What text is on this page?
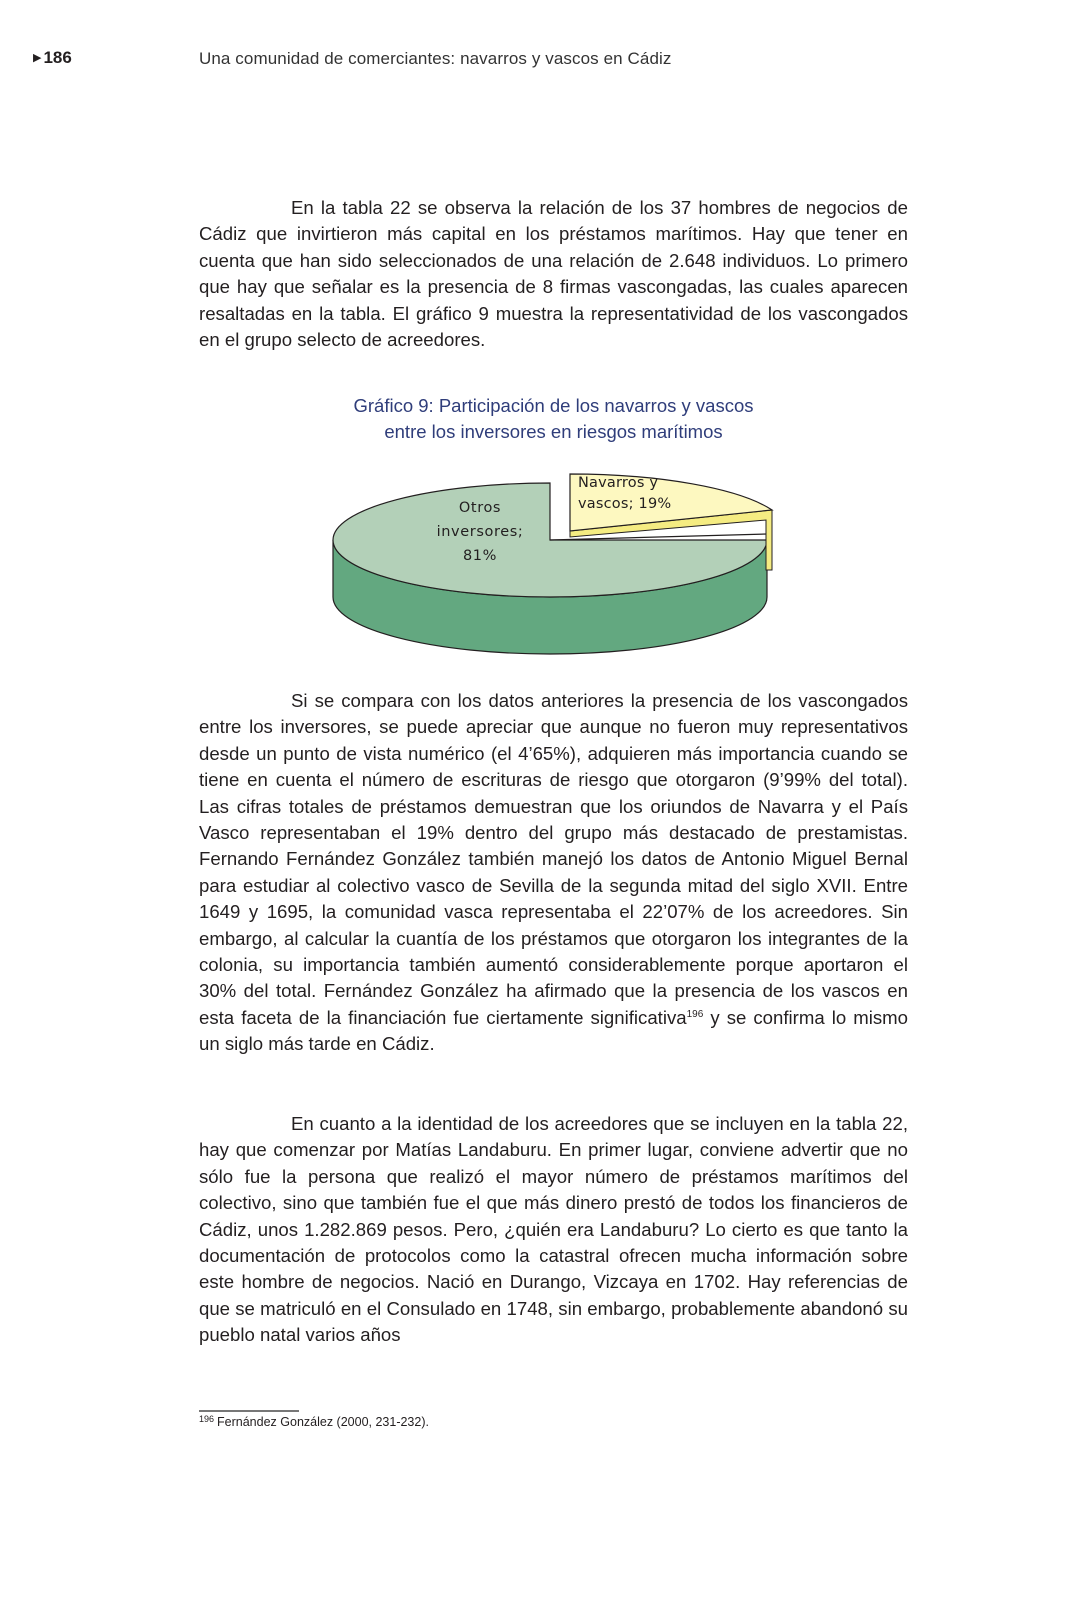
▶ 186	Una comunidad de comerciantes: navarros y vascos en Cádiz

En la tabla 22 se observa la relación de los 37 hombres de negocios de Cádiz que invirtieron más capital en los préstamos marítimos. Hay que tener en cuenta que han sido seleccionados de una relación de 2.648 individuos. Lo primero que hay que señalar es la presencia de 8 firmas vascongadas, las cuales aparecen resaltadas en la tabla. El gráfico 9 muestra la representatividad de los vascongados en el grupo selecto de acreedores.

Gráfico 9: Participación de los navarros y vascos
entre los inversores en riesgos marítimos
Otros
inversores;
81%
Navarros y
vascos; 19%

Si se compara con los datos anteriores la presencia de los vascongados entre los inversores, se puede apreciar que aunque no fueron muy representativos desde un punto de vista numérico (el 4’65%), adquieren más importancia cuando se tiene en cuenta el número de escrituras de riesgo que otorgaron (9’99% del total). Las cifras totales de préstamos demuestran que los oriundos de Navarra y el País Vasco representaban el 19% dentro del grupo más destacado de prestamistas. Fernando Fernández González también manejó los datos de Antonio Miguel Bernal para estudiar al colectivo vasco de Sevilla de la segunda mitad del siglo XVII. Entre 1649 y 1695, la comunidad vasca representaba el 22’07% de los acreedores. Sin embargo, al calcular la cuantía de los préstamos que otorgaron los integrantes de la colonia, su importancia también aumentó considerablemente porque aportaron el 30% del total. Fernández González ha afirmado que la presencia de los vascos en esta faceta de la financiación fue ciertamente significativa$^{196}$ y se confirma lo mismo un siglo más tarde en Cádiz.

En cuanto a la identidad de los acreedores que se incluyen en la tabla 22, hay que comenzar por Matías Landaburu. En primer lugar, conviene advertir que no sólo fue la persona que realizó el mayor número de préstamos marítimos del colectivo, sino que también fue el que más dinero prestó de todos los financieros de Cádiz, unos 1.282.869 pesos. Pero, ¿quién era Landaburu? Lo cierto es que tanto la documentación de protocolos como la catastral ofrecen mucha información sobre este hombre de negocios. Nació en Durango, Vizcaya en 1702. Hay referencias de que se matriculó en el Consulado en 1748, sin embargo, probablemente abandonó su pueblo natal varios años

$^{196}$ Fernández González (2000, 231-232).
